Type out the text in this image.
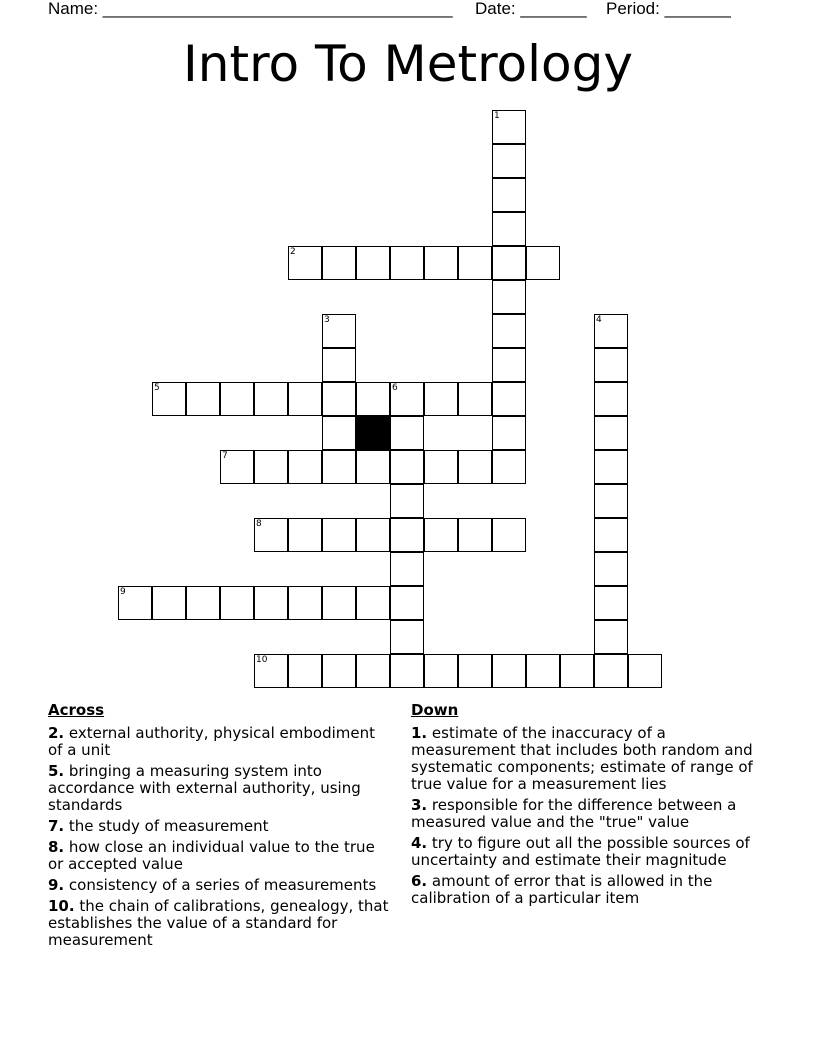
Name: _____________________________________ Date: _______ Period: _______
Intro To Metrology
1
2
3	4
5	6
7
8
9
10
Across
2. external authority, physical embodiment of a unit
5. bringing a measuring system into accordance with external authority, using standards
7. the study of measurement
8. how close an individual value to the true or accepted value
9. consistency of a series of measurements
10. the chain of calibrations, genealogy, that establishes the value of a standard for measurement
Down
1. estimate of the inaccuracy of a measurement that includes both random and systematic components; estimate of range of true value for a measurement lies
3. responsible for the difference between a measured value and the "true" value
4. try to figure out all the possible sources of uncertainty and estimate their magnitude
6. amount of error that is allowed in the calibration of a particular item
